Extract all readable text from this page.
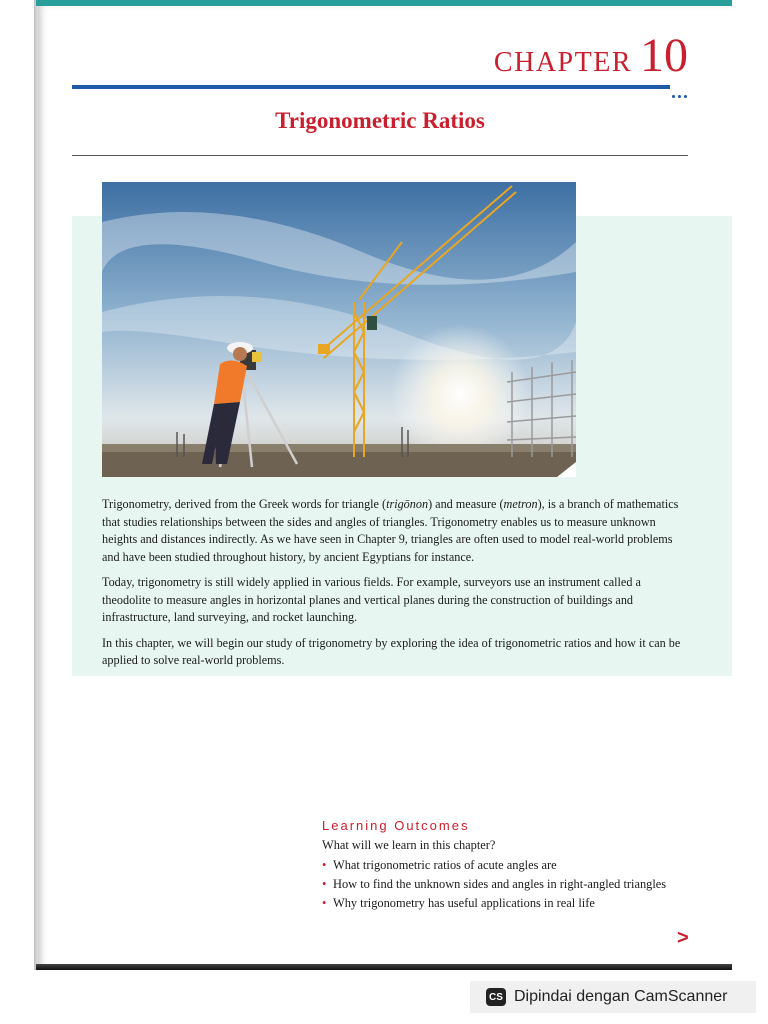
CHAPTER 10
Trigonometric Ratios

Trigonometry, derived from the Greek words for triangle (trigōnon) and measure (metron), is a branch of mathematics that studies relationships between the sides and angles of triangles. Trigonometry enables us to measure unknown heights and distances indirectly. As we have seen in Chapter 9, triangles are often used to model real-world problems and have been studied throughout history, by ancient Egyptians for instance.

Today, trigonometry is still widely applied in various fields. For example, surveyors use an instrument called a theodolite to measure angles in horizontal planes and vertical planes during the construction of buildings and infrastructure, land surveying, and rocket launching.

In this chapter, we will begin our study of trigonometry by exploring the idea of trigonometric ratios and how it can be applied to solve real-world problems.

Learning Outcomes
What will we learn in this chapter?
• What trigonometric ratios of acute angles are
• How to find the unknown sides and angles in right-angled triangles
• Why trigonometry has useful applications in real life
>
CS Dipindai dengan CamScanner
